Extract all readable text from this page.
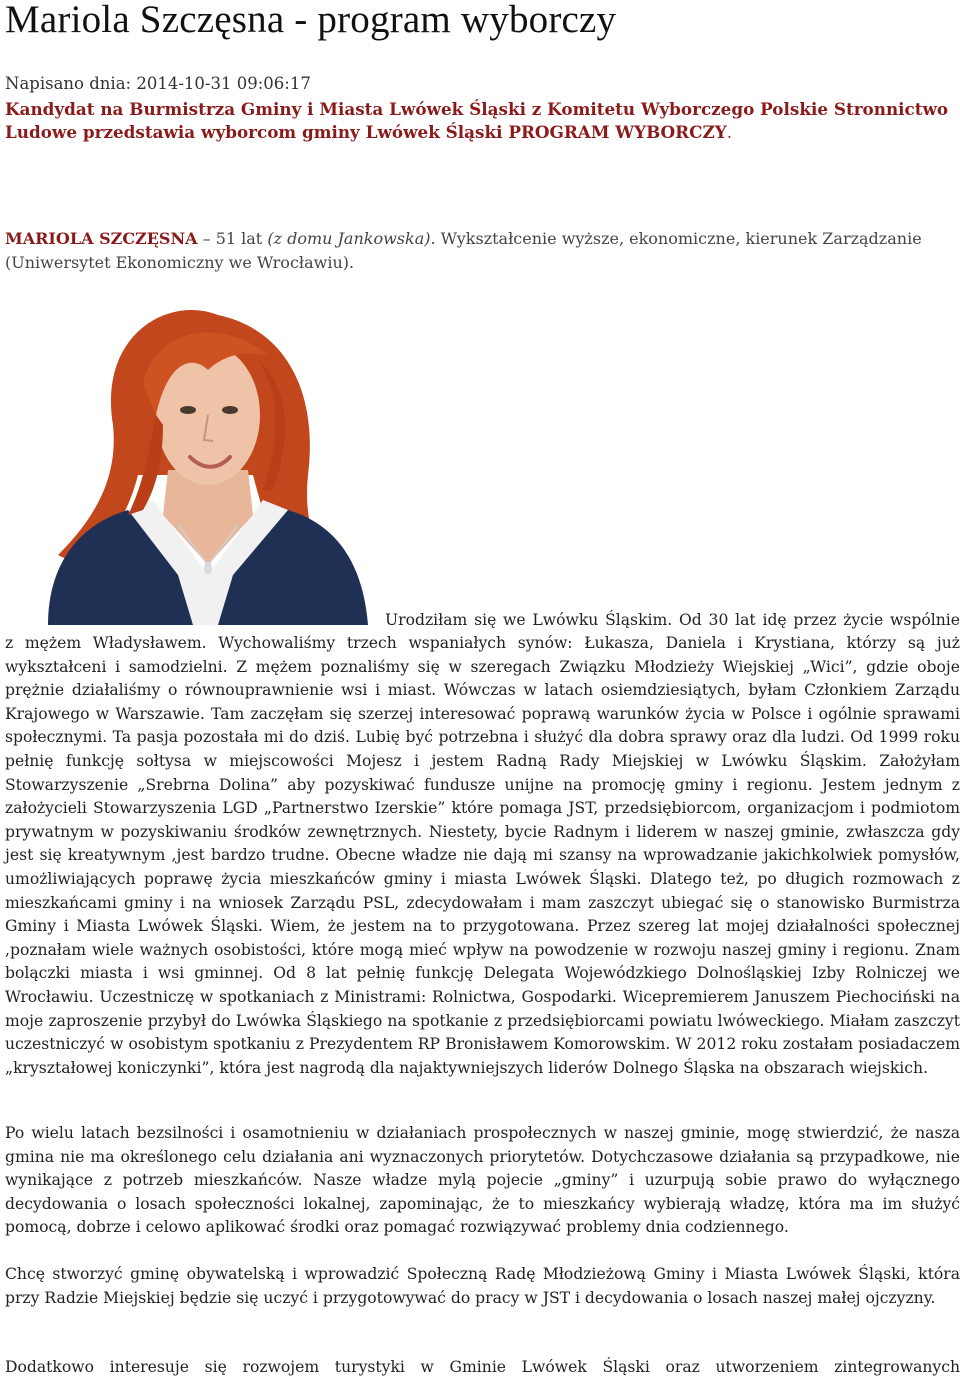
Mariola Szczęsna - program wyborczy
Napisano dnia: 2014-10-31 09:06:17
Kandydat na Burmistrza Gminy i Miasta Lwówek Śląski z Komitetu Wyborczego Polskie Stronnictwo Ludowe przedstawia wyborcom gminy Lwówek Śląski PROGRAM WYBORCZY.
MARIOLA SZCZĘSNA – 51 lat (z domu Jankowska). Wykształcenie wyższe, ekonomiczne, kierunek Zarządzanie (Uniwersytet Ekonomiczny we Wrocławiu).
Urodziłam się we Lwówku Śląskim. Od 30 lat idę przez życie wspólnie

z mężem Władysławem. Wychowaliśmy trzech wspaniałych synów: Łukasza, Daniela i Krystiana, którzy są już wykształceni i samodzielni. Z mężem poznaliśmy się w szeregach Związku Młodzieży Wiejskiej „Wici”, gdzie oboje prężnie działaliśmy o równouprawnienie wsi i miast. Wówczas w latach osiemdziesiątych, byłam Członkiem Zarządu Krajowego w Warszawie. Tam zaczęłam się szerzej interesować poprawą warunków życia w Polsce i ogólnie sprawami społecznymi. Ta pasja pozostała mi do dziś. Lubię być potrzebna i służyć dla dobra sprawy oraz dla ludzi. Od 1999 roku pełnię funkcję sołtysa w miejscowości Mojesz i jestem Radną Rady Miejskiej w Lwówku Śląskim. Założyłam Stowarzyszenie „Srebrna Dolina” aby pozyskiwać fundusze unijne na promocję gminy i regionu. Jestem jednym z założycieli Stowarzyszenia LGD „Partnerstwo Izerskie” które pomaga JST, przedsiębiorcom, organizacjom i podmiotom prywatnym w pozyskiwaniu środków zewnętrznych. Niestety, bycie Radnym i liderem w naszej gminie, zwłaszcza gdy jest się kreatywnym ,jest bardzo trudne. Obecne władze nie dają mi szansy na wprowadzanie jakichkolwiek pomysłów, umożliwiających poprawę życia mieszkańców gminy i miasta Lwówek Śląski. Dlatego też, po długich rozmowach z mieszkańcami gminy i na wniosek Zarządu PSL, zdecydowałam i mam zaszczyt ubiegać się o stanowisko Burmistrza Gminy i Miasta Lwówek Śląski. Wiem, że jestem na to przygotowana. Przez szereg lat mojej działalności społecznej ,poznałam wiele ważnych osobistości, które mogą mieć wpływ na powodzenie w rozwoju naszej gminy i regionu. Znam bolączki miasta i wsi gminnej. Od 8 lat pełnię funkcję Delegata Wojewódzkiego Dolnośląskiej Izby Rolniczej we Wrocławiu. Uczestniczę w spotkaniach z Ministrami: Rolnictwa, Gospodarki. Wicepremierem Januszem Piechociński na moje zaproszenie przybył do Lwówka Śląskiego na spotkanie z przedsiębiorcami powiatu lwóweckiego. Miałam zaszczyt uczestniczyć w osobistym spotkaniu z Prezydentem RP Bronisławem Komorowskim. W 2012 roku zostałam posiadaczem „kryształowej koniczynki”, która jest nagrodą dla najaktywniejszych liderów Dolnego Śląska na obszarach wiejskich.

Po wielu latach bezsilności i osamotnieniu w działaniach prospołecznych w naszej gminie, mogę stwierdzić, że nasza gmina nie ma określonego celu działania ani wyznaczonych priorytetów. Dotychczasowe działania są przypadkowe, nie wynikające z potrzeb mieszkańców. Nasze władze mylą pojecie „gminy” i uzurpują sobie prawo do wyłącznego decydowania o losach społeczności lokalnej, zapominając, że to mieszkańcy wybierają władzę, która ma im służyć pomocą, dobrze i celowo aplikować środki oraz pomagać rozwiązywać problemy dnia codziennego.

Chcę stworzyć gminę obywatelską i wprowadzić Społeczną Radę Młodzieżową Gminy i Miasta Lwówek Śląski, która przy Radzie Miejskiej będzie się uczyć i przygotowywać do pracy w JST i decydowania o losach naszej małej ojczyzny.

Dodatkowo interesuje się rozwojem turystyki w Gminie Lwówek Śląski oraz utworzeniem zintegrowanych
